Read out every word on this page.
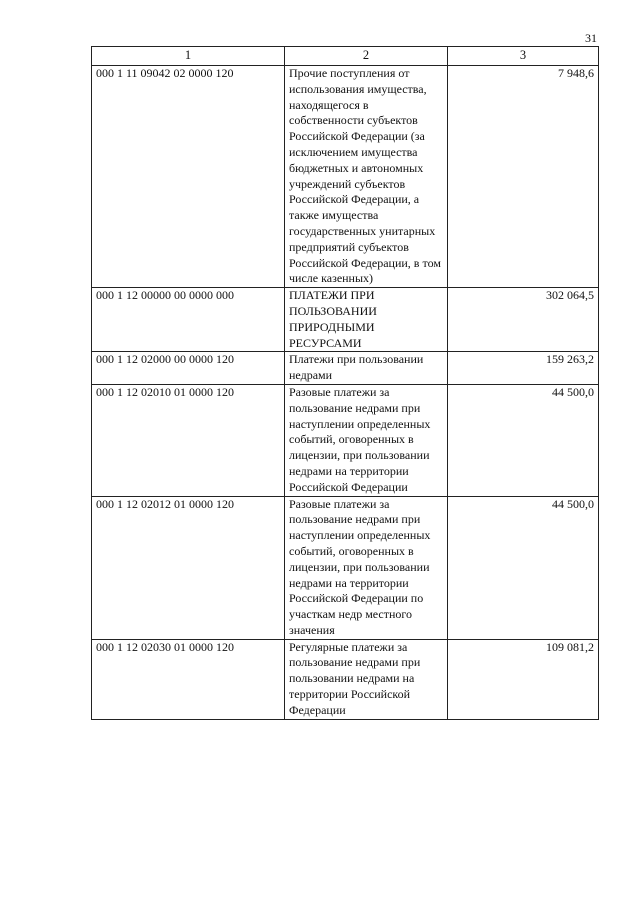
31
1	2	3
000 1 11 09042 02 0000 120	Прочие поступления от использования имущества, находящегося в собственности субъектов Российской Федерации (за исключением имущества бюджетных и автономных учреждений субъектов Российской Федерации, а также имущества государственных унитарных предприятий субъектов Российской Федерации, в том числе казенных)	7 948,6
000 1 12 00000 00 0000 000	ПЛАТЕЖИ ПРИ ПОЛЬЗОВАНИИ ПРИРОДНЫМИ РЕСУРСАМИ	302 064,5
000 1 12 02000 00 0000 120	Платежи при пользовании недрами	159 263,2
000 1 12 02010 01 0000 120	Разовые платежи за пользование недрами при наступлении определенных событий, оговоренных в лицензии, при пользовании недрами на территории Российской Федерации	44 500,0
000 1 12 02012 01 0000 120	Разовые платежи за пользование недрами при наступлении определенных событий, оговоренных в лицензии, при пользовании недрами на территории Российской Федерации по участкам недр местного значения	44 500,0
000 1 12 02030 01 0000 120	Регулярные платежи за пользование недрами при пользовании недрами на территории Российской Федерации	109 081,2
